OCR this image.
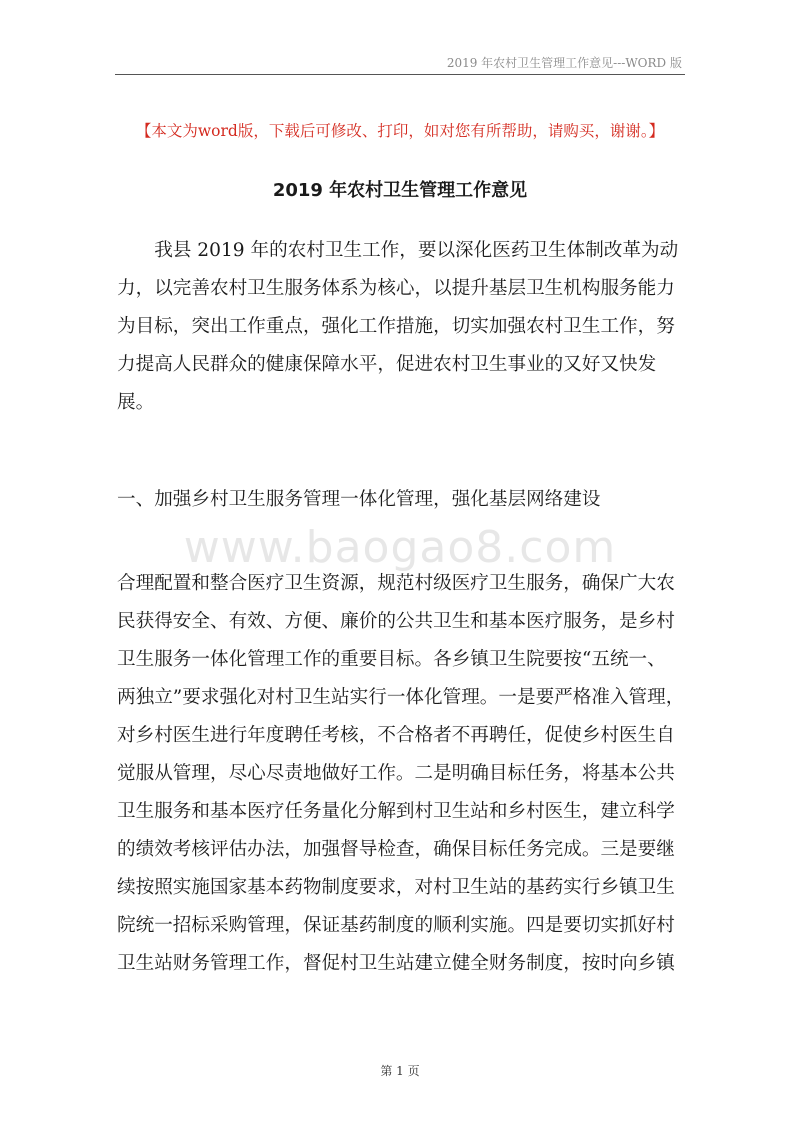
2019 年农村卫生管理工作意见---WORD 版
【本文为word版，下载后可修改、打印，如对您有所帮助，请购买，谢谢。】
2019 年农村卫生管理工作意见
　　我县 2019 年的农村卫生工作，要以深化医药卫生体制改革为动
力，以完善农村卫生服务体系为核心，以提升基层卫生机构服务能力
为目标，突出工作重点，强化工作措施，切实加强农村卫生工作，努
力提高人民群众的健康保障水平，促进农村卫生事业的又好又快发
展。
一、加强乡村卫生服务管理一体化管理，强化基层网络建设
www.baogao8.com
合理配置和整合医疗卫生资源，规范村级医疗卫生服务，确保广大农
民获得安全、有效、方便、廉价的公共卫生和基本医疗服务，是乡村
卫生服务一体化管理工作的重要目标。各乡镇卫生院要按“五统一、
两独立”要求强化对村卫生站实行一体化管理。一是要严格准入管理，
对乡村医生进行年度聘任考核，不合格者不再聘任，促使乡村医生自
觉服从管理，尽心尽责地做好工作。二是明确目标任务，将基本公共
卫生服务和基本医疗任务量化分解到村卫生站和乡村医生，建立科学
的绩效考核评估办法，加强督导检查，确保目标任务完成。三是要继
续按照实施国家基本药物制度要求，对村卫生站的基药实行乡镇卫生
院统一招标采购管理，保证基药制度的顺利实施。四是要切实抓好村
卫生站财务管理工作，督促村卫生站建立健全财务制度，按时向乡镇
第 1 页
